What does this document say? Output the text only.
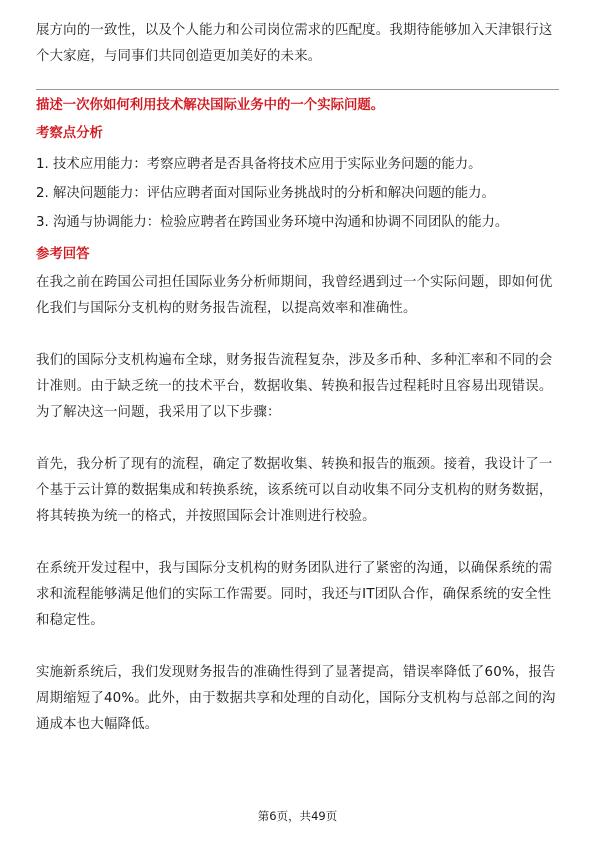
展方向的一致性，以及个人能力和公司岗位需求的匹配度。我期待能够加入天津银行这个大家庭，与同事们共同创造更加美好的未来。
描述一次你如何利用技术解决国际业务中的一个实际问题。
考察点分析
1. 技术应用能力：考察应聘者是否具备将技术应用于实际业务问题的能力。
2. 解决问题能力：评估应聘者面对国际业务挑战时的分析和解决问题的能力。
3. 沟通与协调能力：检验应聘者在跨国业务环境中沟通和协调不同团队的能力。
参考回答

在我之前在跨国公司担任国际业务分析师期间，我曾经遇到过一个实际问题，即如何优化我们与国际分支机构的财务报告流程，以提高效率和准确性。

我们的国际分支机构遍布全球，财务报告流程复杂，涉及多币种、多种汇率和不同的会计准则。由于缺乏统一的技术平台，数据收集、转换和报告过程耗时且容易出现错误。为了解决这一问题，我采用了以下步骤：

首先，我分析了现有的流程，确定了数据收集、转换和报告的瓶颈。接着，我设计了一个基于云计算的数据集成和转换系统，该系统可以自动收集不同分支机构的财务数据，将其转换为统一的格式，并按照国际会计准则进行校验。

在系统开发过程中，我与国际分支机构的财务团队进行了紧密的沟通，以确保系统的需求和流程能够满足他们的实际工作需要。同时，我还与IT团队合作，确保系统的安全性和稳定性。

实施新系统后，我们发现财务报告的准确性得到了显著提高，错误率降低了60%，报告周期缩短了40%。此外，由于数据共享和处理的自动化，国际分支机构与总部之间的沟通成本也大幅降低。

第6页，共49页
